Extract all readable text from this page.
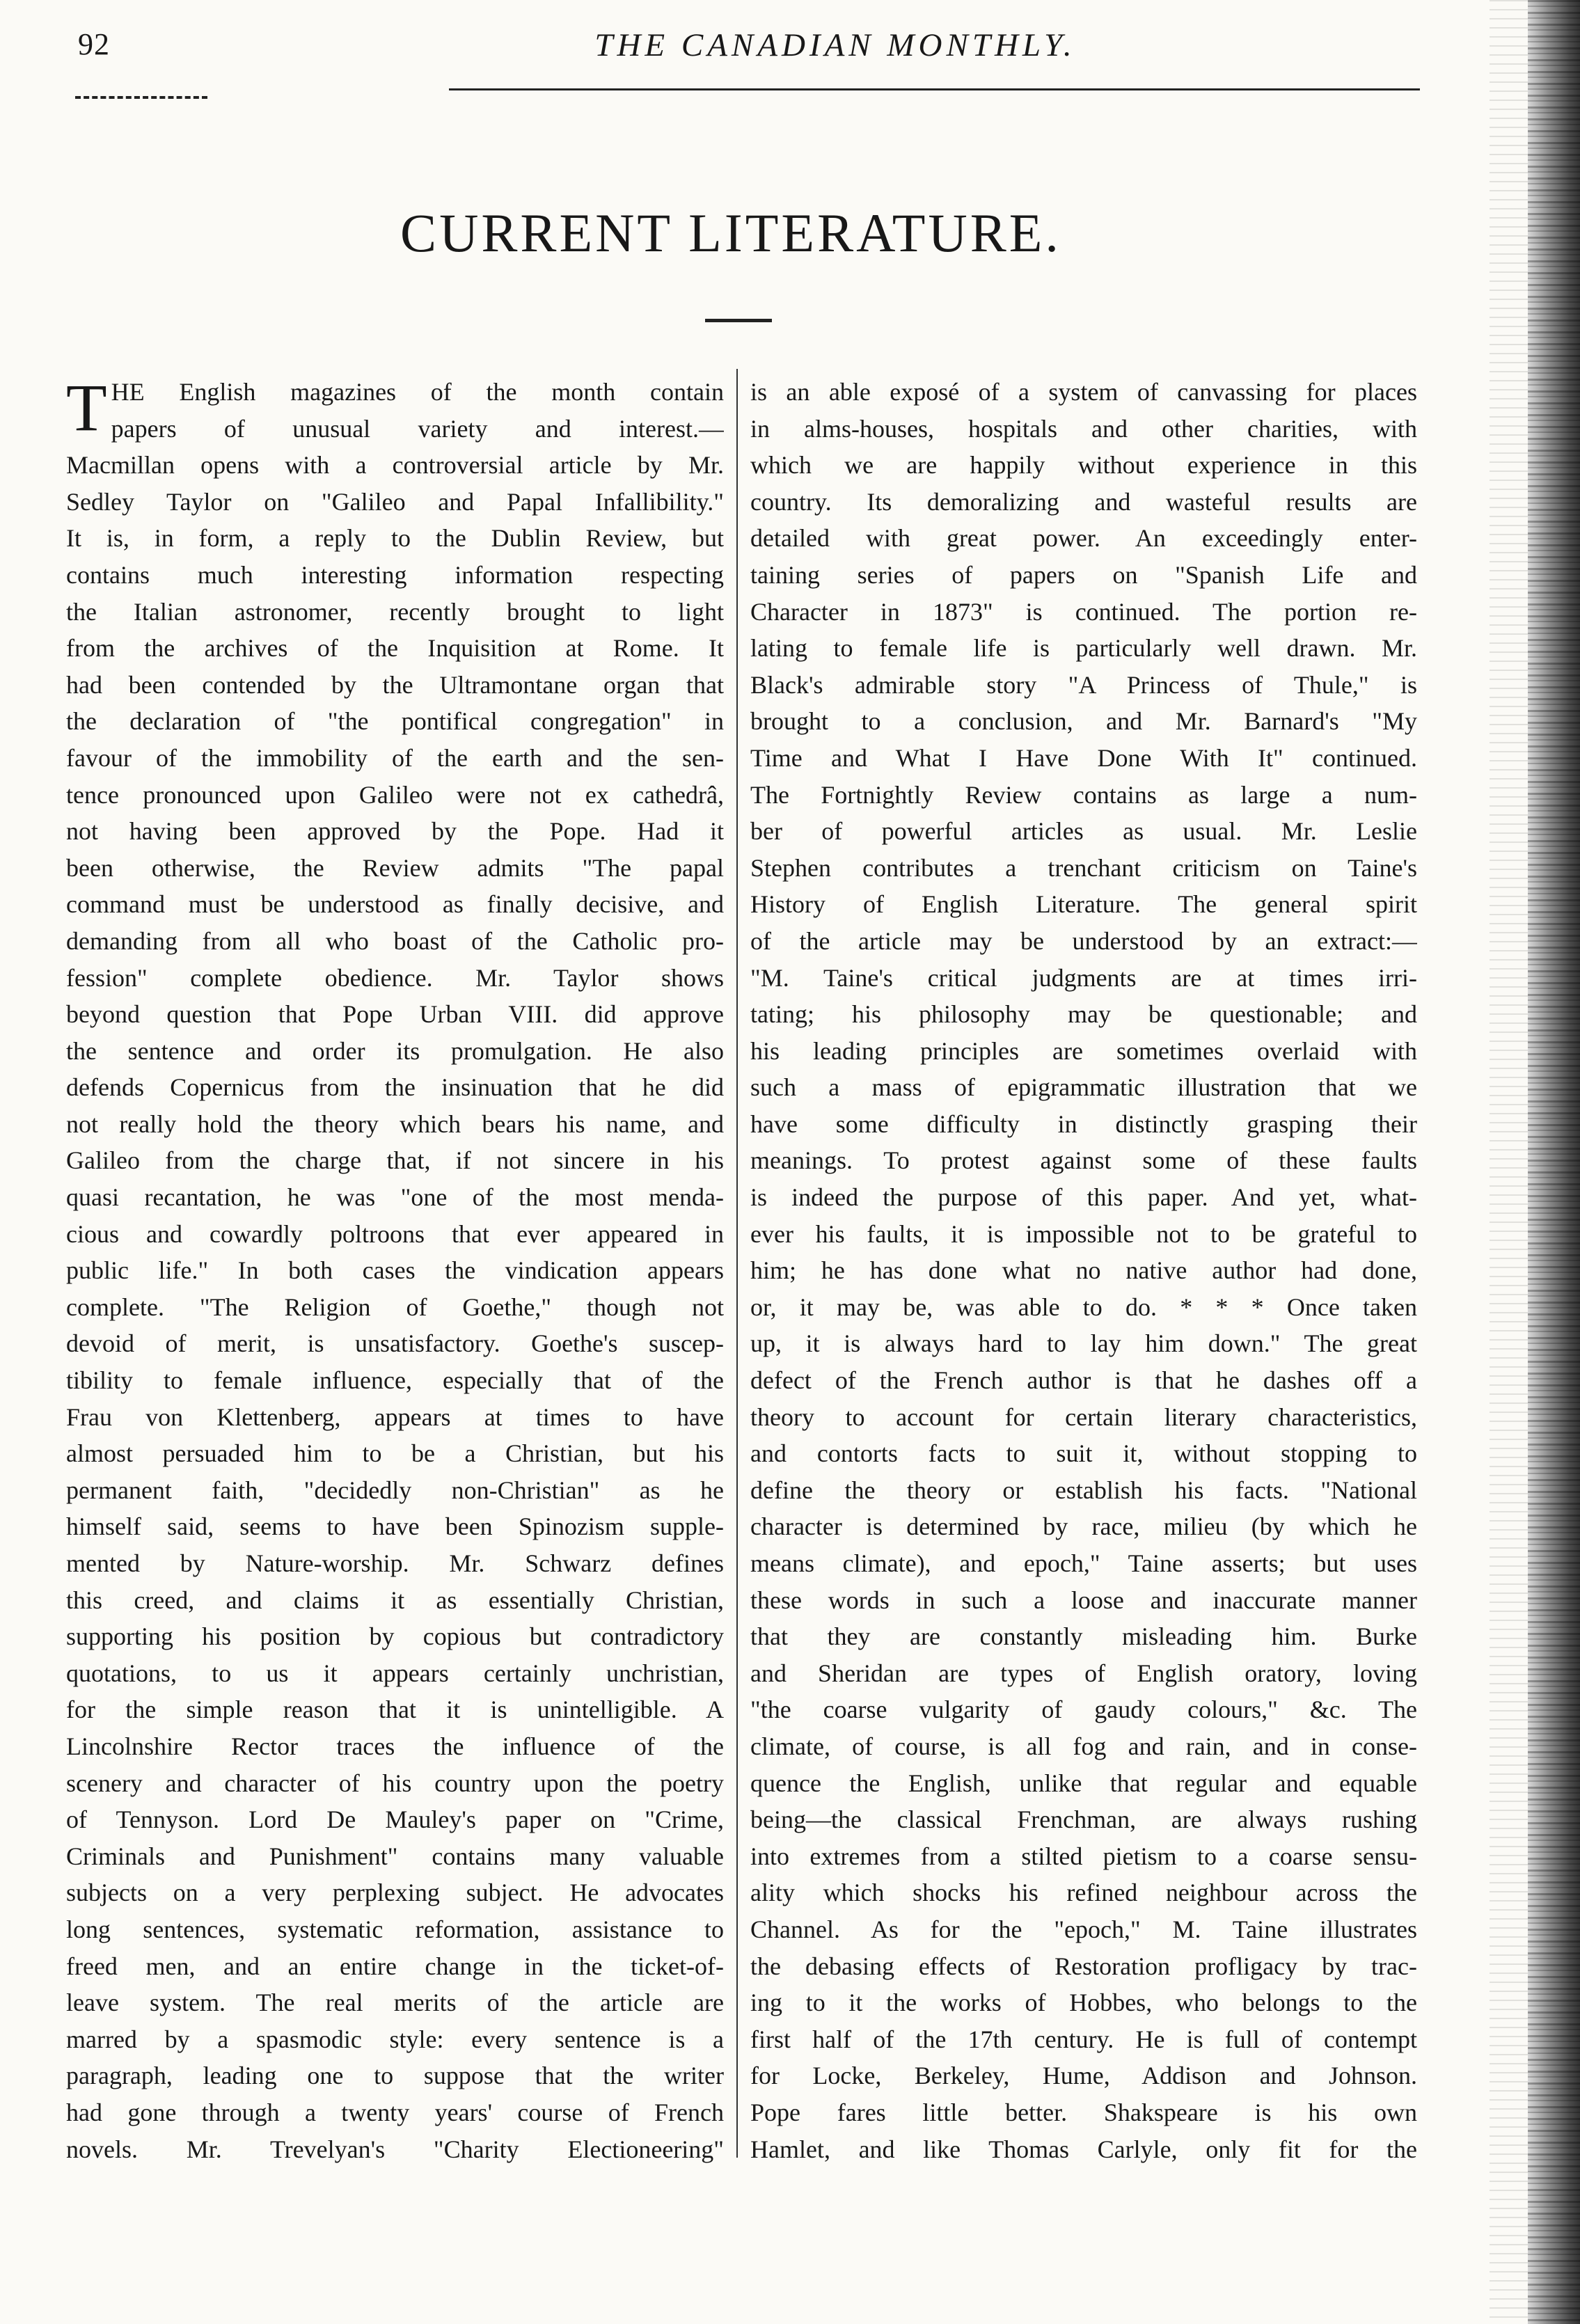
92	THE CANADIAN MONTHLY.
CURRENT LITERATURE.
T HE English magazines of the month contain
papers of unusual variety and interest.—
Macmillan opens with a controversial article by Mr.
Sedley Taylor on "Galileo and Papal Infallibility."
It is, in form, a reply to the Dublin Review, but
contains much interesting information respecting
the Italian astronomer, recently brought to light
from the archives of the Inquisition at Rome. It
had been contended by the Ultramontane organ that
the declaration of "the pontifical congregation" in
favour of the immobility of the earth and the sen-
tence pronounced upon Galileo were not ex cathedrâ,
not having been approved by the Pope. Had it
been otherwise, the Review admits "The papal
command must be understood as finally decisive, and
demanding from all who boast of the Catholic pro-
fession" complete obedience. Mr. Taylor shows
beyond question that Pope Urban VIII. did approve
the sentence and order its promulgation. He also
defends Copernicus from the insinuation that he did
not really hold the theory which bears his name, and
Galileo from the charge that, if not sincere in his
quasi recantation, he was "one of the most menda-
cious and cowardly poltroons that ever appeared in
public life." In both cases the vindication appears
complete. "The Religion of Goethe," though not
devoid of merit, is unsatisfactory. Goethe's suscep-
tibility to female influence, especially that of the
Frau von Klettenberg, appears at times to have
almost persuaded him to be a Christian, but his
permanent faith, "decidedly non-Christian" as he
himself said, seems to have been Spinozism supple-
mented by Nature-worship. Mr. Schwarz defines
this creed, and claims it as essentially Christian,
supporting his position by copious but contradictory
quotations, to us it appears certainly unchristian,
for the simple reason that it is unintelligible. A
Lincolnshire Rector traces the influence of the
scenery and character of his country upon the poetry
of Tennyson. Lord De Mauley's paper on "Crime,
Criminals and Punishment" contains many valuable
subjects on a very perplexing subject. He advocates
long sentences, systematic reformation, assistance to
freed men, and an entire change in the ticket-of-
leave system. The real merits of the article are
marred by a spasmodic style: every sentence is a
paragraph, leading one to suppose that the writer
had gone through a twenty years' course of French
novels. Mr. Trevelyan's "Charity Electioneering"
is an able exposé of a system of canvassing for places
in alms-houses, hospitals and other charities, with
which we are happily without experience in this
country. Its demoralizing and wasteful results are
detailed with great power. An exceedingly enter-
taining series of papers on "Spanish Life and
Character in 1873" is continued. The portion re-
lating to female life is particularly well drawn. Mr.
Black's admirable story "A Princess of Thule," is
brought to a conclusion, and Mr. Barnard's "My
Time and What I Have Done With It" continued.
The Fortnightly Review contains as large a num-
ber of powerful articles as usual. Mr. Leslie
Stephen contributes a trenchant criticism on Taine's
History of English Literature. The general spirit
of the article may be understood by an extract:—
"M. Taine's critical judgments are at times irri-
tating; his philosophy may be questionable; and
his leading principles are sometimes overlaid with
such a mass of epigrammatic illustration that we
have some difficulty in distinctly grasping their
meanings. To protest against some of these faults
is indeed the purpose of this paper. And yet, what-
ever his faults, it is impossible not to be grateful to
him; he has done what no native author had done,
or, it may be, was able to do. * * * Once taken
up, it is always hard to lay him down." The great
defect of the French author is that he dashes off a
theory to account for certain literary characteristics,
and contorts facts to suit it, without stopping to
define the theory or establish his facts. "National
character is determined by race, milieu (by which he
means climate), and epoch," Taine asserts; but uses
these words in such a loose and inaccurate manner
that they are constantly misleading him. Burke
and Sheridan are types of English oratory, loving
"the coarse vulgarity of gaudy colours," &c. The
climate, of course, is all fog and rain, and in conse-
quence the English, unlike that regular and equable
being—the classical Frenchman, are always rushing
into extremes from a stilted pietism to a coarse sensu-
ality which shocks his refined neighbour across the
Channel. As for the "epoch," M. Taine illustrates
the debasing effects of Restoration profligacy by trac-
ing to it the works of Hobbes, who belongs to the
first half of the 17th century. He is full of contempt
for Locke, Berkeley, Hume, Addison and Johnson.
Pope fares little better. Shakspeare is his own
Hamlet, and like Thomas Carlyle, only fit for the
